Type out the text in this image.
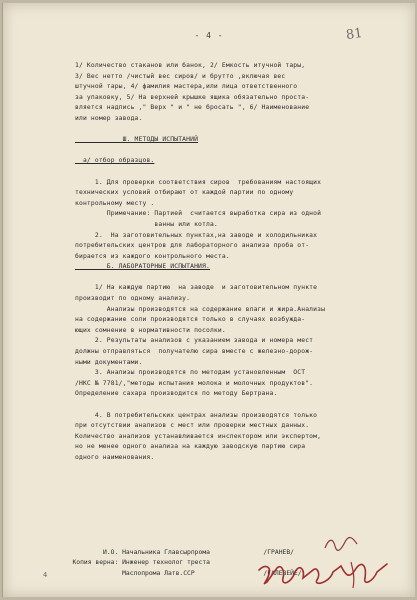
- 4 -	81
4
1/ Количество стаканов или банок, 2/ Емкость итучной тары,
3/ Вес нетто /чистый вес сиров/ и брутто ,включая вес
штучной тары, 4/ фамилия мастера,или лица ответственного
за упаковку, 5/ На верхней крышке ящика обязательно проста-
вляется надпись ," Верх " и " не бросать ", 6/ Наименование
или номер завода.
Ш. МЕТОДЫ ИСПЫТАНИЙ
а/ отбор образцов.
1. Для проверки соответствия сиров  требованиям настоящих
технических условий отбирают от каждой партии по одному
контрольному месту .
Примечание: Партией  считается выработка сира из одной
ванны или котла.
2.  На заготовительных пунктах,на заводе и холодильниках
потребительских центров для лабораторного анализа проба от-
бирается из каждого контрольного места.
Б. ЛАБОРАТОРНЫЕ ИСПЫТАНИЯ.
1/ На каждую партию  на заводе  и заготовительном пункте
производит по одному анализу.
Анализы производятся на содержание влаги и жира.Анализы
на содержание соли производятся только в случаях возбужда-
ющих сомнение в нормативности посолки.
2. Результаты анализов с указанием завода и номера мест
должны отправляться  получателю сира вместе с железно-дорож-
ными документами.
3. Анализы производятся по методам установленным  ОСТ
/НКС № 7781/,"методы испытания молока и молочных продуктов".
Определение сахара производится по методу Бертрана.
4. В потребительских центрах анализы производятся только
при отсутствии анализов с мест или проверки местных данных.
Количество анализов устанавливается инспектором или экспертом,
но не менее одного анализа на каждую заводскую партию сира
одного наименования.
И.О. Начальника Главсырпрома              /ГРАНЕВ/
Копия верна: Инженер технолог треста
Маслопрома Латв.ССР                  /ГАЛЕВЕЙЕ/
